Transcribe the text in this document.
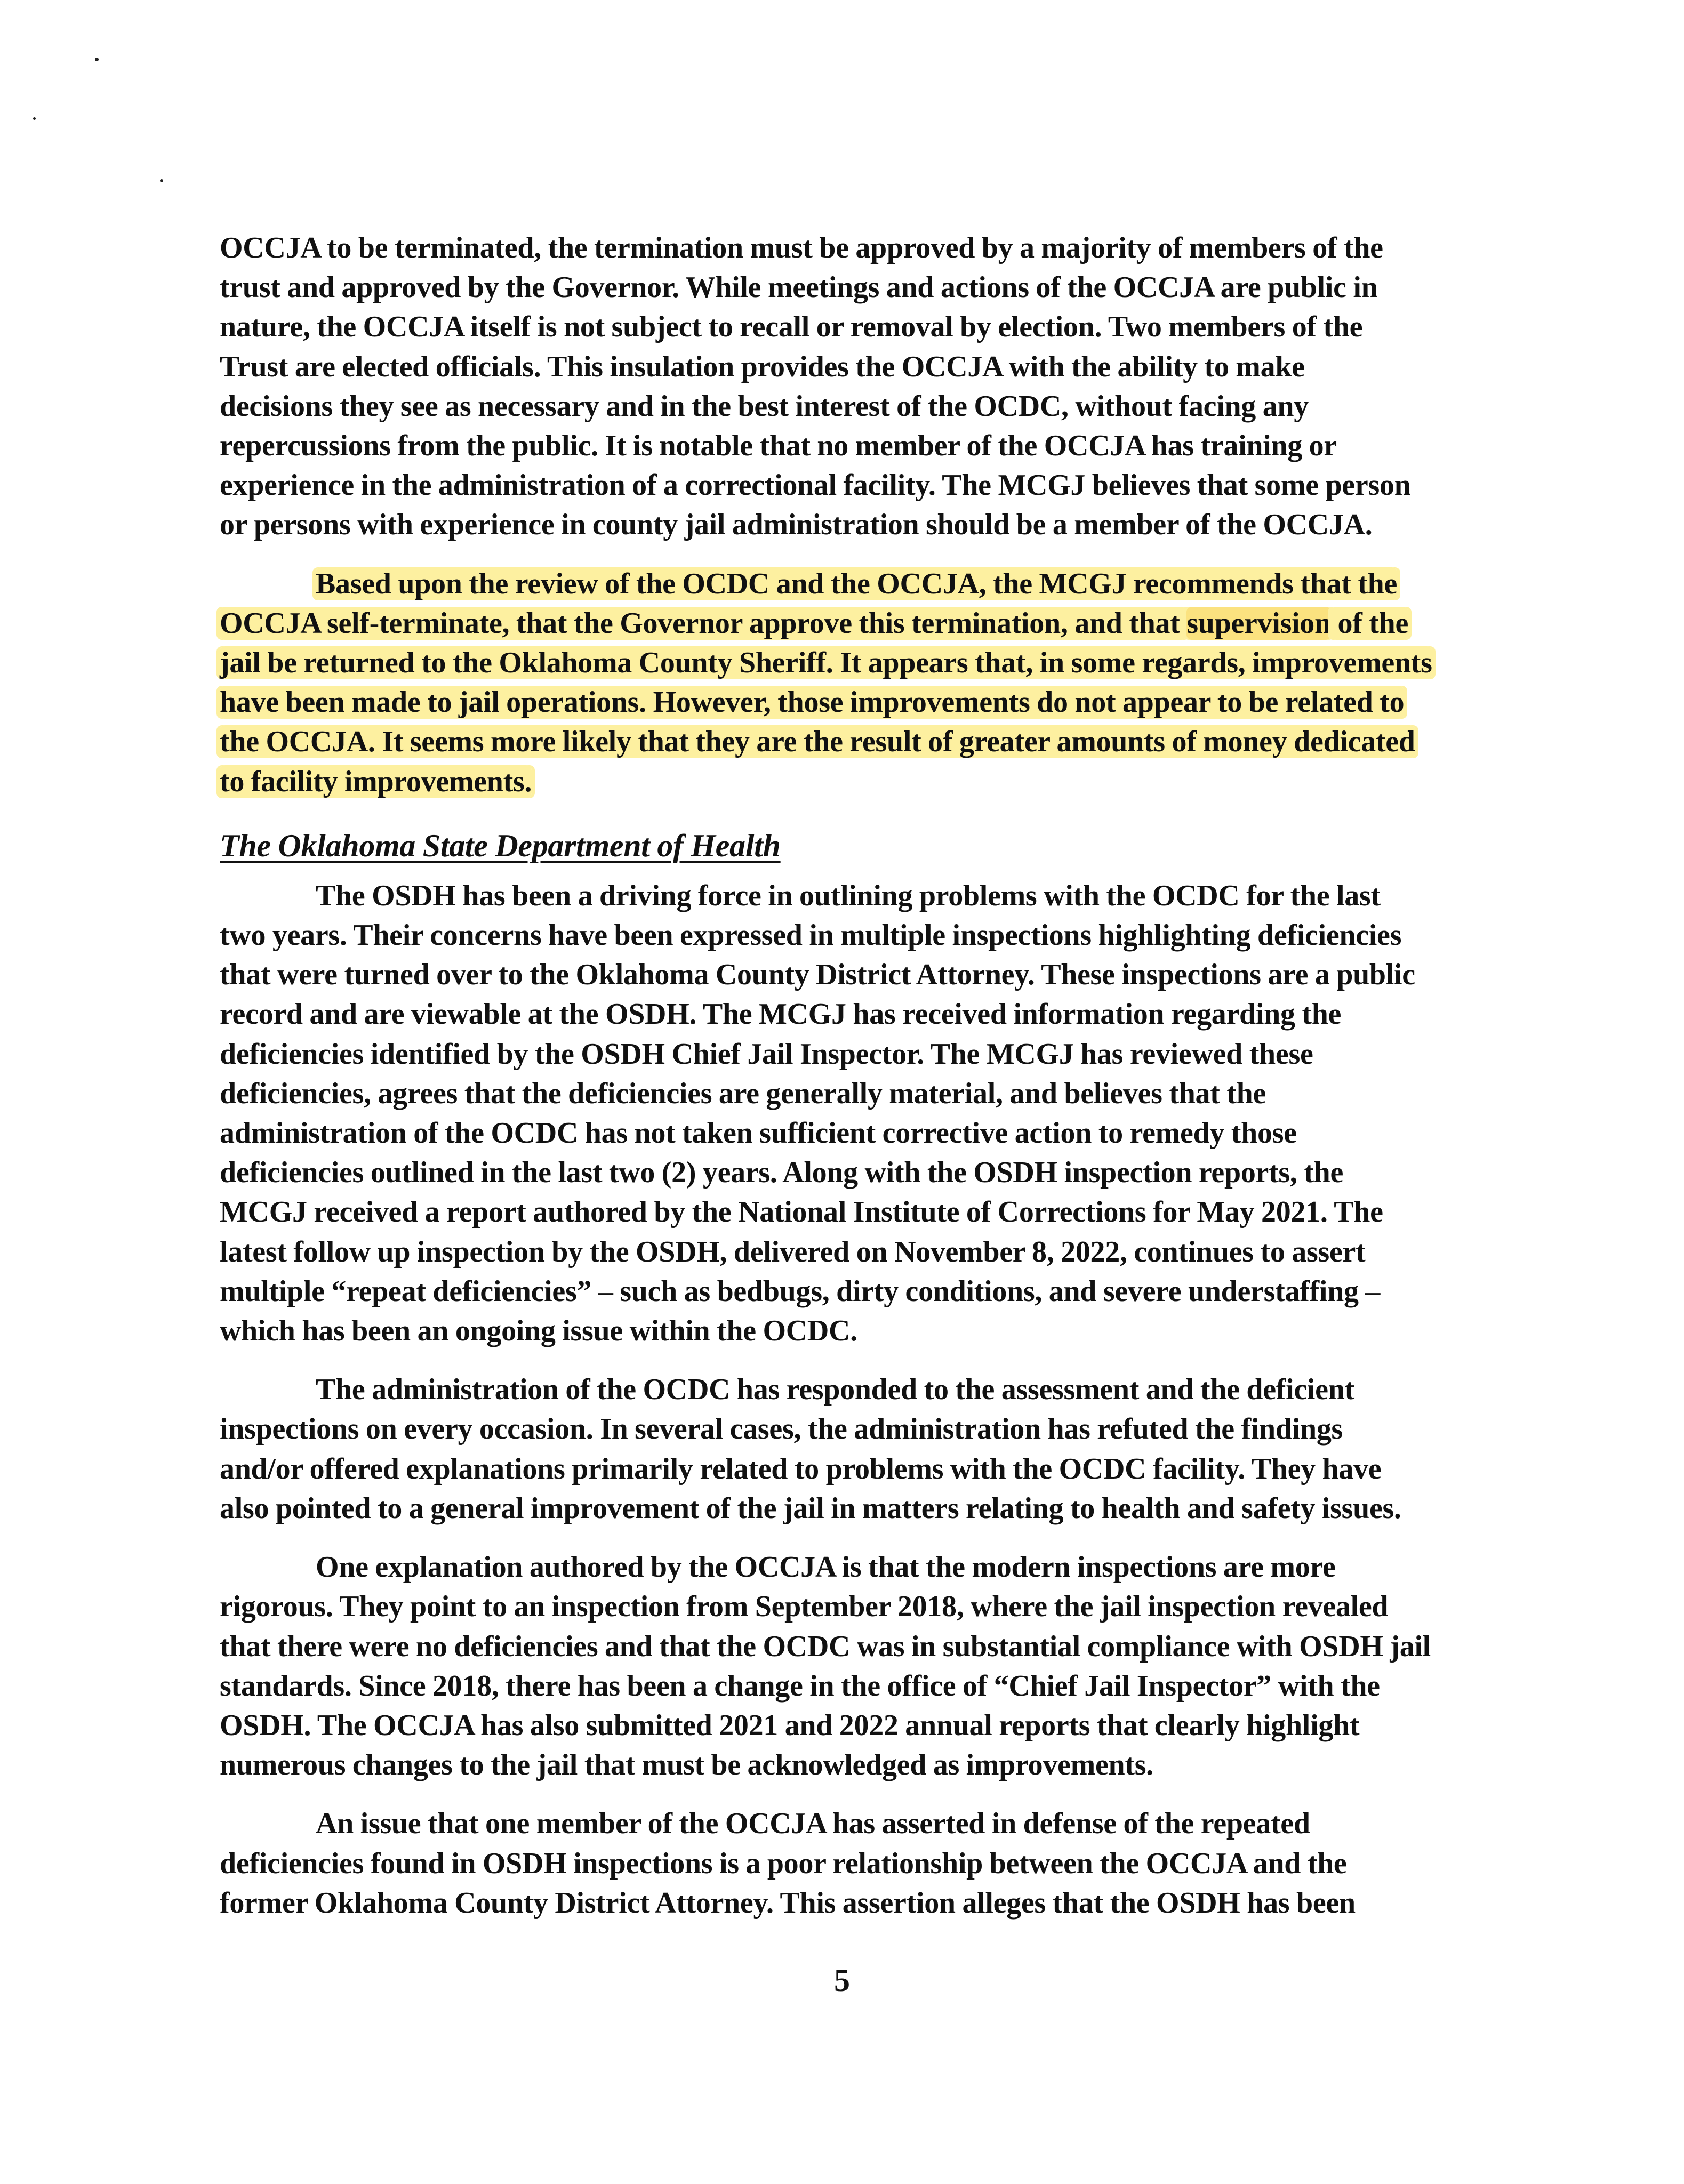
OCCJA to be terminated, the termination must be approved by a majority of members of the
trust and approved by the Governor. While meetings and actions of the OCCJA are public in
nature, the OCCJA itself is not subject to recall or removal by election. Two members of the
Trust are elected officials. This insulation provides the OCCJA with the ability to make
decisions they see as necessary and in the best interest of the OCDC, without facing any
repercussions from the public. It is notable that no member of the OCCJA has training or
experience in the administration of a correctional facility. The MCGJ believes that some person
or persons with experience in county jail administration should be a member of the OCCJA.

Based upon the review of the OCDC and the OCCJA, the MCGJ recommends that the
OCCJA self-terminate, that the Governor approve this termination, and that supervision of the
jail be returned to the Oklahoma County Sheriff. It appears that, in some regards, improvements
have been made to jail operations. However, those improvements do not appear to be related to
the OCCJA. It seems more likely that they are the result of greater amounts of money dedicated
to facility improvements.

The Oklahoma State Department of Health

The OSDH has been a driving force in outlining problems with the OCDC for the last
two years. Their concerns have been expressed in multiple inspections highlighting deficiencies
that were turned over to the Oklahoma County District Attorney. These inspections are a public
record and are viewable at the OSDH. The MCGJ has received information regarding the
deficiencies identified by the OSDH Chief Jail Inspector. The MCGJ has reviewed these
deficiencies, agrees that the deficiencies are generally material, and believes that the
administration of the OCDC has not taken sufficient corrective action to remedy those
deficiencies outlined in the last two (2) years. Along with the OSDH inspection reports, the
MCGJ received a report authored by the National Institute of Corrections for May 2021. The
latest follow up inspection by the OSDH, delivered on November 8, 2022, continues to assert
multiple “repeat deficiencies” – such as bedbugs, dirty conditions, and severe understaffing –
which has been an ongoing issue within the OCDC.

The administration of the OCDC has responded to the assessment and the deficient
inspections on every occasion. In several cases, the administration has refuted the findings
and/or offered explanations primarily related to problems with the OCDC facility. They have
also pointed to a general improvement of the jail in matters relating to health and safety issues.

One explanation authored by the OCCJA is that the modern inspections are more
rigorous. They point to an inspection from September 2018, where the jail inspection revealed
that there were no deficiencies and that the OCDC was in substantial compliance with OSDH jail
standards. Since 2018, there has been a change in the office of “Chief Jail Inspector” with the
OSDH. The OCCJA has also submitted 2021 and 2022 annual reports that clearly highlight
numerous changes to the jail that must be acknowledged as improvements.

An issue that one member of the OCCJA has asserted in defense of the repeated
deficiencies found in OSDH inspections is a poor relationship between the OCCJA and the
former Oklahoma County District Attorney. This assertion alleges that the OSDH has been

5
